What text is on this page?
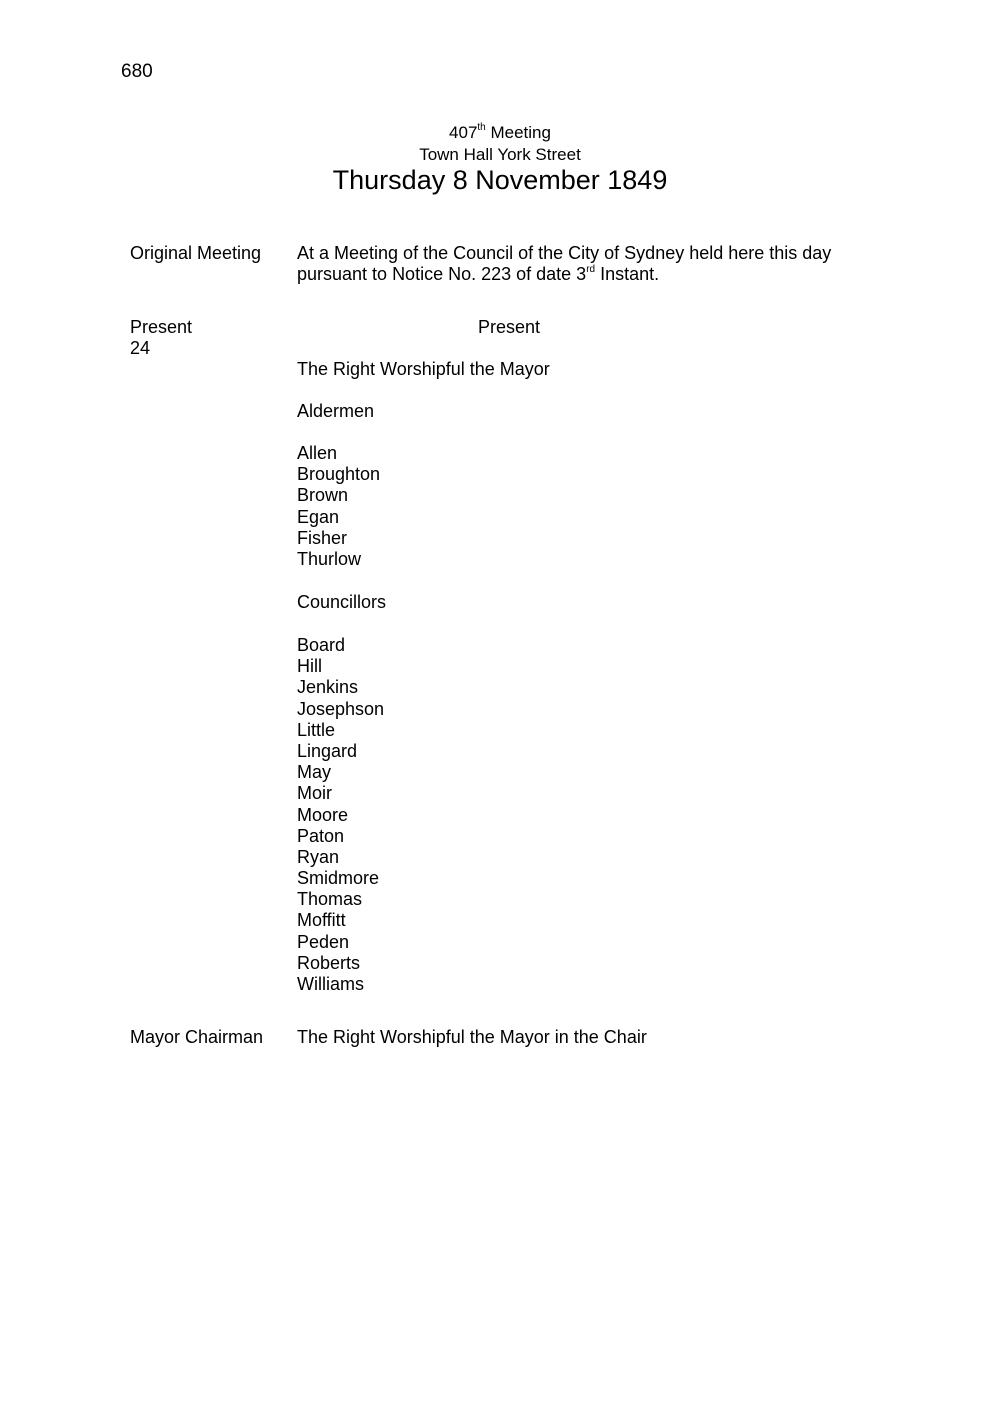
680
407th Meeting
Town Hall York Street
Thursday 8 November 1849
Original Meeting At a Meeting of the Council of the City of Sydney held here this day
pursuant to Notice No. 223 of date 3rd Instant.
Present
24
Present
The Right Worshipful the Mayor
Aldermen
Allen
Broughton
Brown
Egan
Fisher
Thurlow
Councillors
Board
Hill
Jenkins
Josephson
Little
Lingard
May
Moir
Moore
Paton
Ryan
Smidmore
Thomas
Moffitt
Peden
Roberts
Williams
Mayor Chairman The Right Worshipful the Mayor in the Chair
